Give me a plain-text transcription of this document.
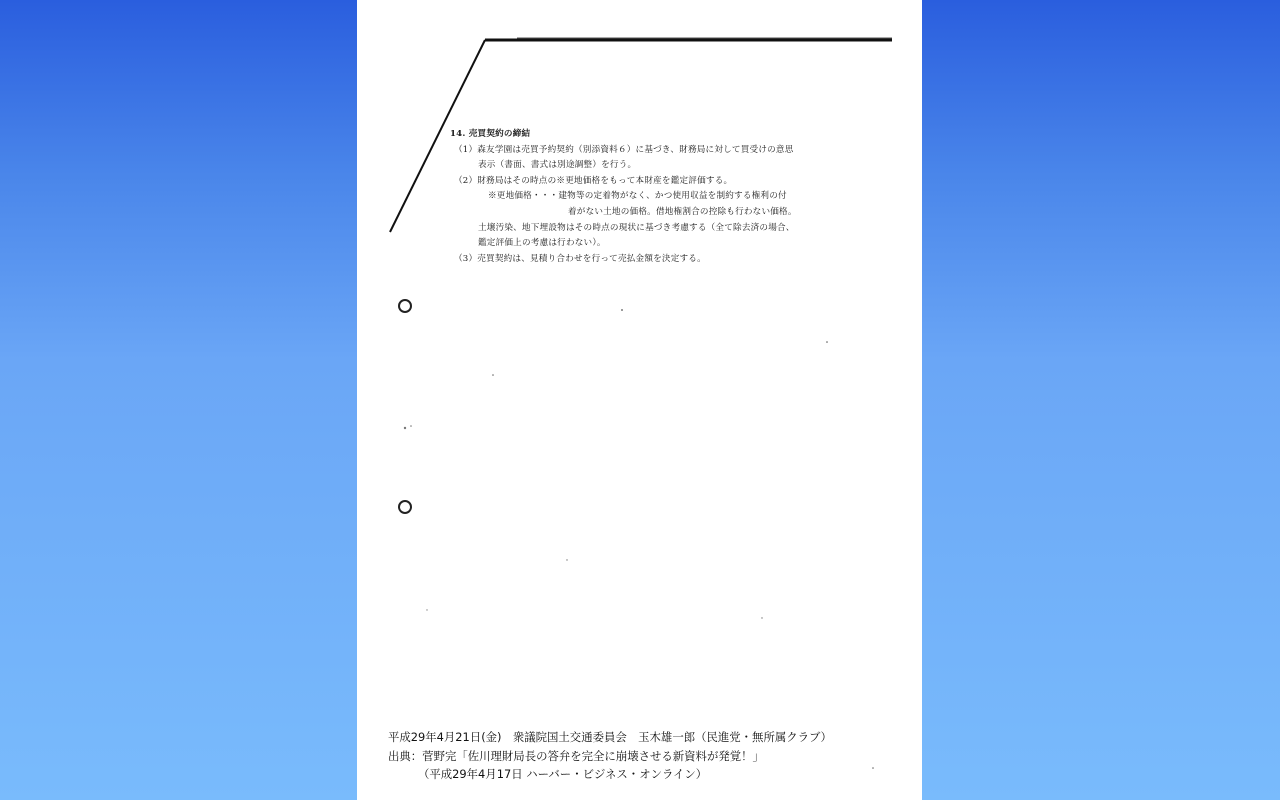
14. 売買契約の締結
（1）森友学園は売買予約契約（別添資料６）に基づき、財務局に対して買受けの意思
表示（書面、書式は別途調整）を行う。
（2）財務局はその時点の※更地価格をもって本財産を鑑定評価する。
※更地価格・・・建物等の定着物がなく、かつ使用収益を制約する権利の付
着がない土地の価格。借地権割合の控除も行わない価格。
土壌汚染、地下埋設物はその時点の現状に基づき考慮する（全て除去済の場合、
鑑定評価上の考慮は行わない）。
（3）売買契約は、見積り合わせを行って売払金額を決定する。
平成29年4月21日(金)　衆議院国土交通委員会　玉木雄一郎（民進党・無所属クラブ）
出典：菅野完「佐川理財局長の答弁を完全に崩壊させる新資料が発覚！」
（平成29年4月17日 ハーバー・ビジネス・オンライン）
